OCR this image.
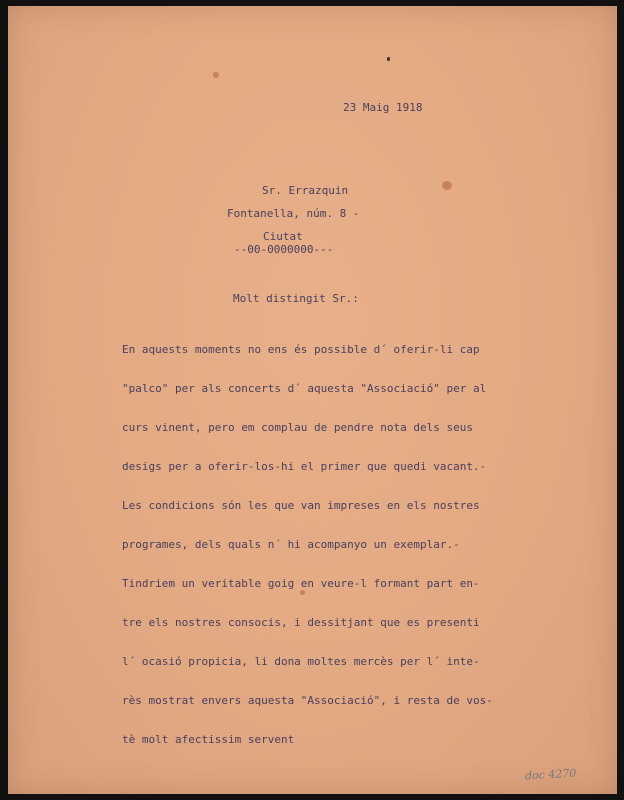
23 Maig 1918

Sr. Errazquin

Fontanella, núm. 8 -

Ciutat

--00-0000000---

Molt distingit Sr.:

En aquests moments no ens és possible d´ oferir-li cap

"palco" per als concerts d´ aquesta "Associació" per al

curs vinent, pero em complau de pendre nota dels seus

desigs per a oferir-los-hi el primer que quedi vacant.-

Les condicions són les que van impreses en els nostres

programes, dels quals n´ hi acompanyo un exemplar.-

Tindriem un veritable goig en veure-l formant part en-

tre els nostres consocis, i dessitjant que es presenti

l´ ocasió propicia, li dona moltes mercès per l´ inte-

rès mostrat envers aquesta "Associació", i resta de vos-

tè molt afectissim servent

doc 4270
